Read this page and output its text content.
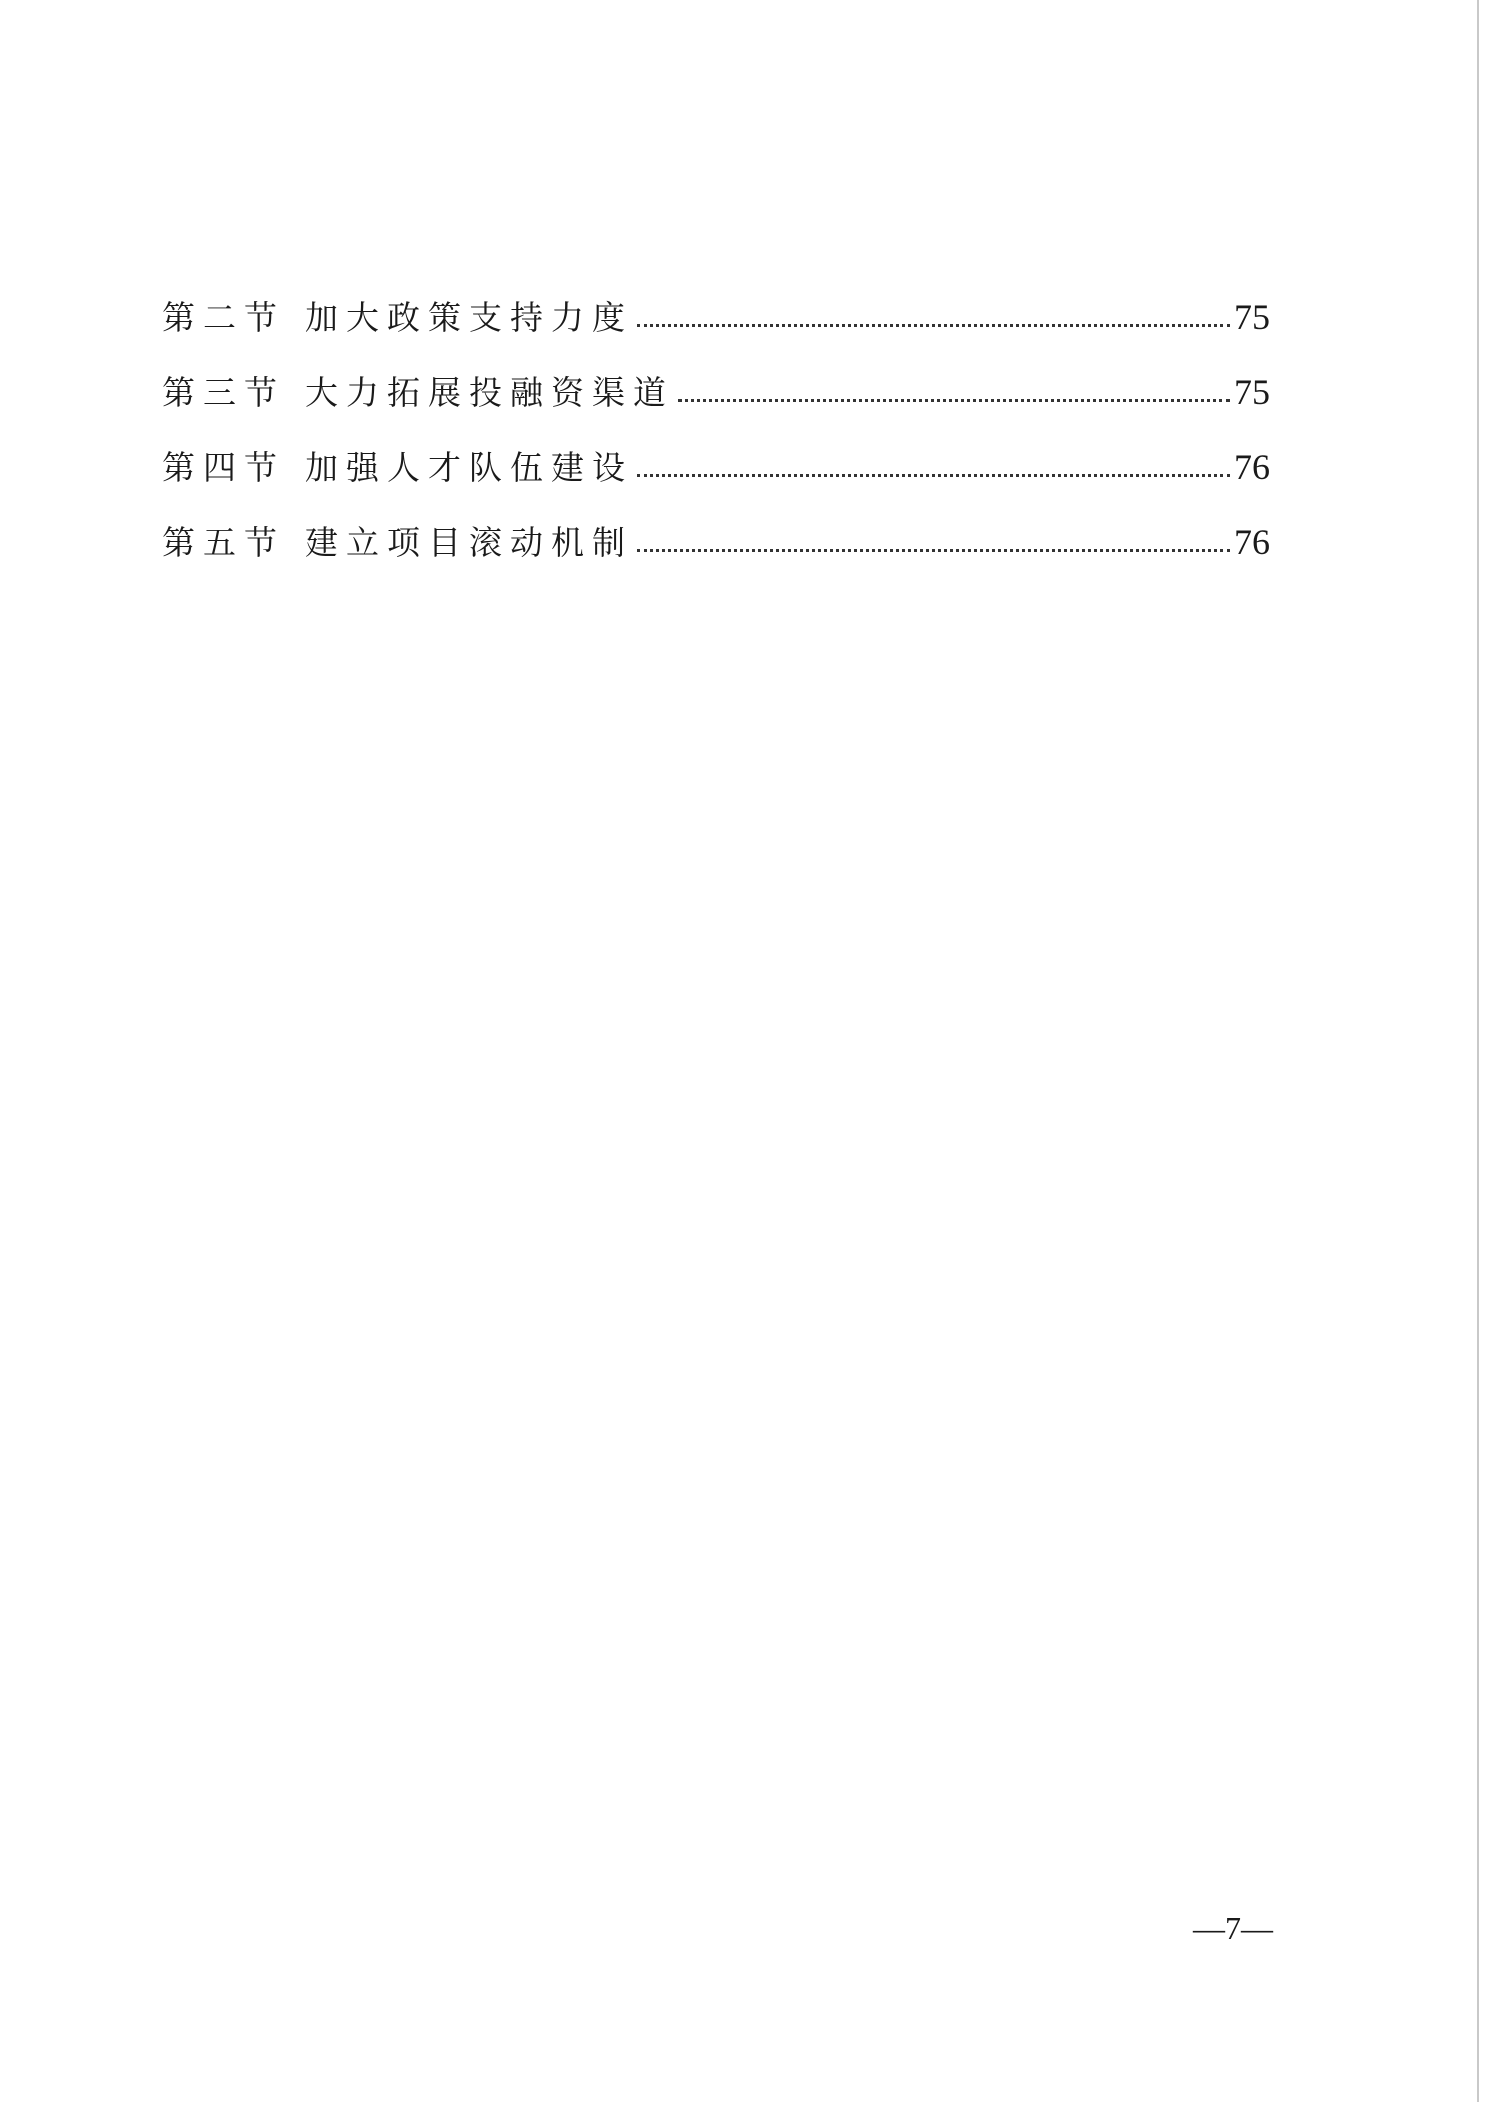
第二节 加大政策支持力度	75
第三节 大力拓展投融资渠道	75
第四节 加强人才队伍建设	76
第五节 建立项目滚动机制	76
—7—
